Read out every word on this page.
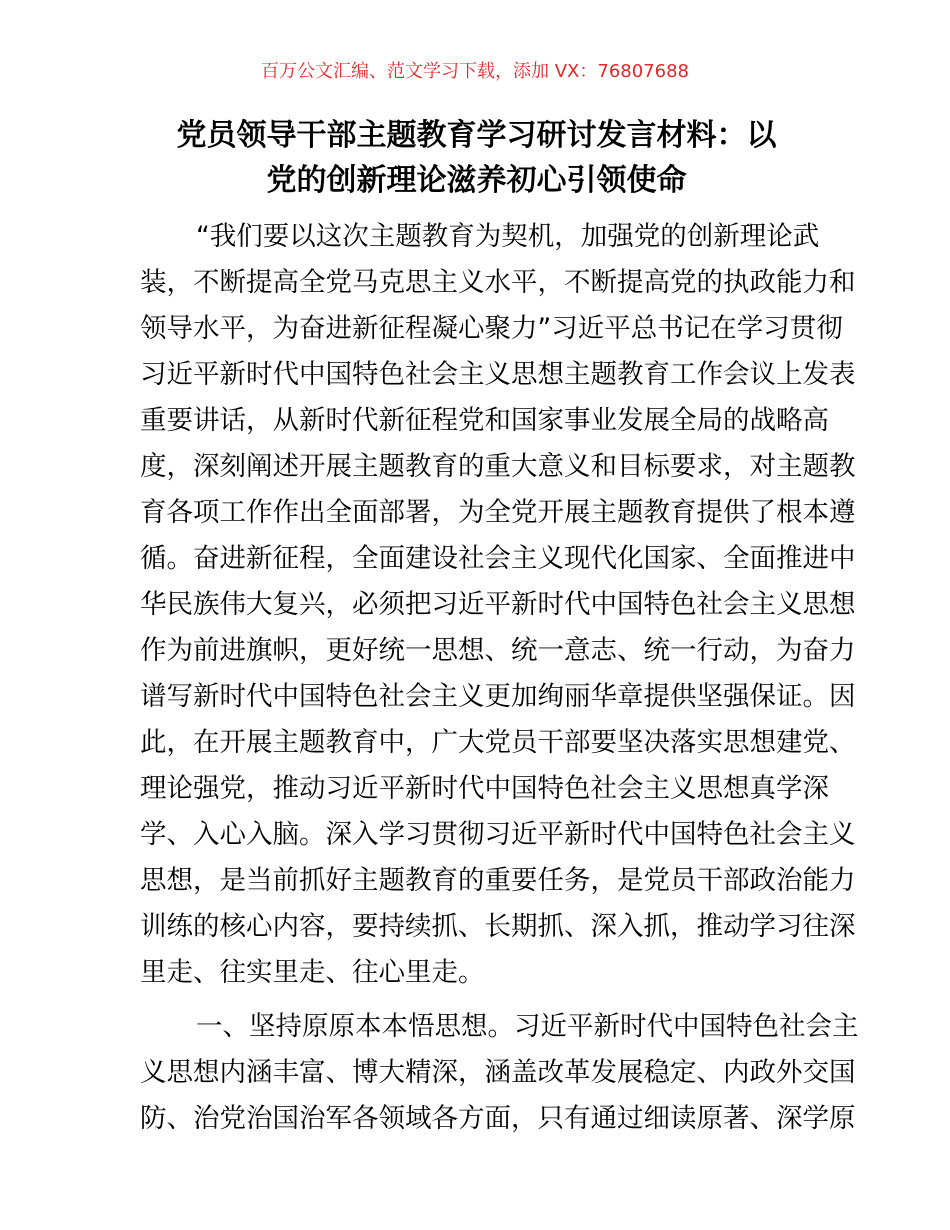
百万公文汇编、范文学习下载，添加 VX：76807688
党员领导干部主题教育学习研讨发言材料：以
党的创新理论滋养初心引领使命
“我们要以这次主题教育为契机，加强党的创新理论武
装，不断提高全党马克思主义水平，不断提高党的执政能力和
领导水平，为奋进新征程凝心聚力”习近平总书记在学习贯彻
习近平新时代中国特色社会主义思想主题教育工作会议上发表
重要讲话，从新时代新征程党和国家事业发展全局的战略高
度，深刻阐述开展主题教育的重大意义和目标要求，对主题教
育各项工作作出全面部署，为全党开展主题教育提供了根本遵
循。奋进新征程，全面建设社会主义现代化国家、全面推进中
华民族伟大复兴，必须把习近平新时代中国特色社会主义思想
作为前进旗帜，更好统一思想、统一意志、统一行动，为奋力
谱写新时代中国特色社会主义更加绚丽华章提供坚强保证。因
此，在开展主题教育中，广大党员干部要坚决落实思想建党、
理论强党，推动习近平新时代中国特色社会主义思想真学深
学、入心入脑。深入学习贯彻习近平新时代中国特色社会主义
思想，是当前抓好主题教育的重要任务，是党员干部政治能力
训练的核心内容，要持续抓、长期抓、深入抓，推动学习往深
里走、往实里走、往心里走。
一、坚持原原本本悟思想。习近平新时代中国特色社会主
义思想内涵丰富、博大精深，涵盖改革发展稳定、内政外交国
防、治党治国治军各领域各方面，只有通过细读原著、深学原
